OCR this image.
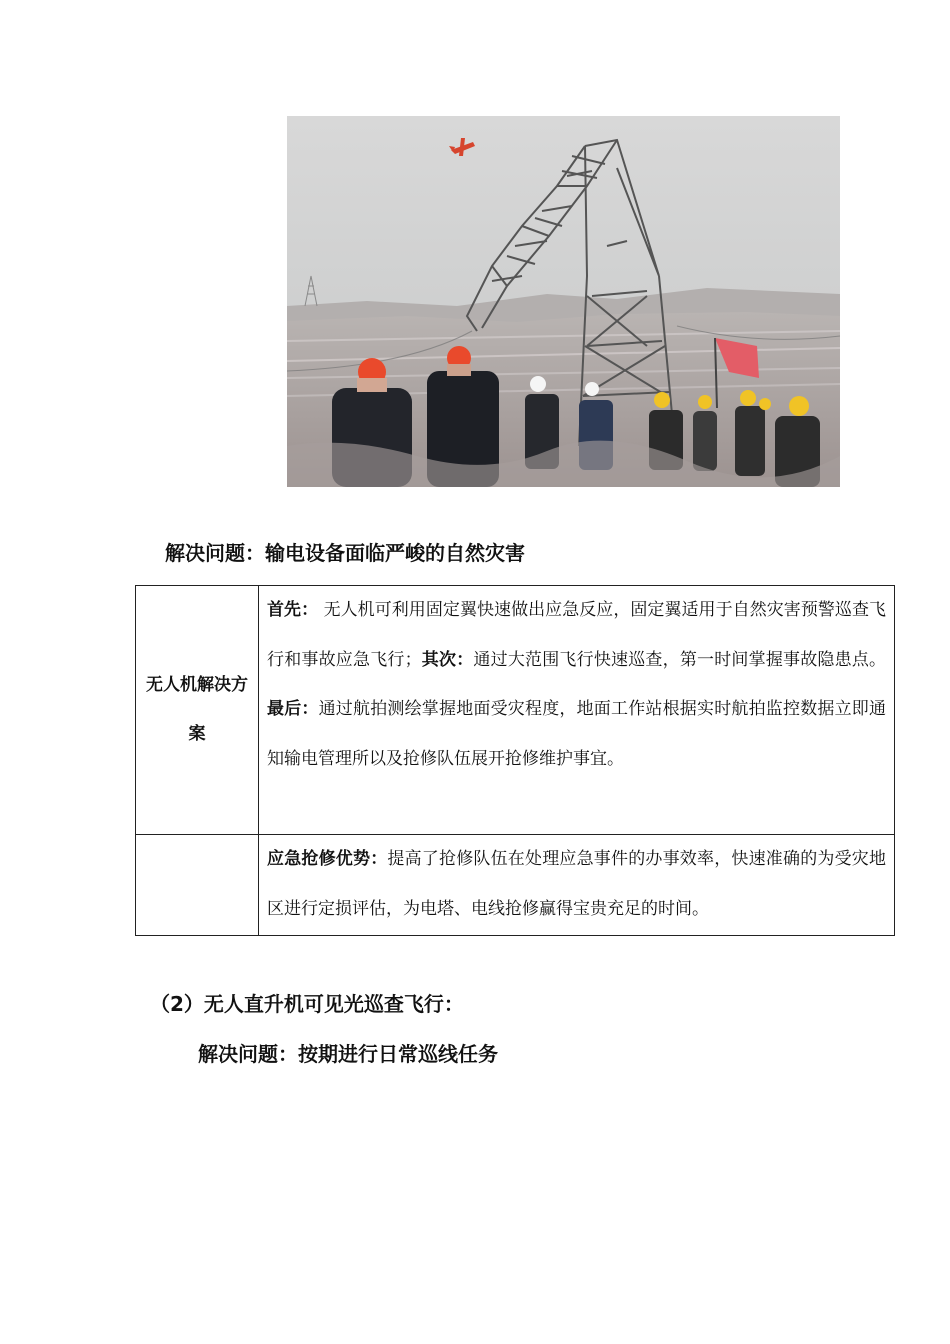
解决问题：输电设备面临严峻的自然灾害
无人机解决方案	首先： 无人机可利用固定翼快速做出应急反应，固定翼适用于自然灾害预警巡查飞行和事故应急飞行；其次：通过大范围飞行快速巡查，第一时间掌握事故隐患点。最后：通过航拍测绘掌握地面受灾程度，地面工作站根据实时航拍监控数据立即通知输电管理所以及抢修队伍展开抢修维护事宜。

	应急抢修优势：提高了抢修队伍在处理应急事件的办事效率，快速准确的为受灾地区进行定损评估，为电塔、电线抢修赢得宝贵充足的时间。
（2）无人直升机可见光巡查飞行：
解决问题：按期进行日常巡线任务
